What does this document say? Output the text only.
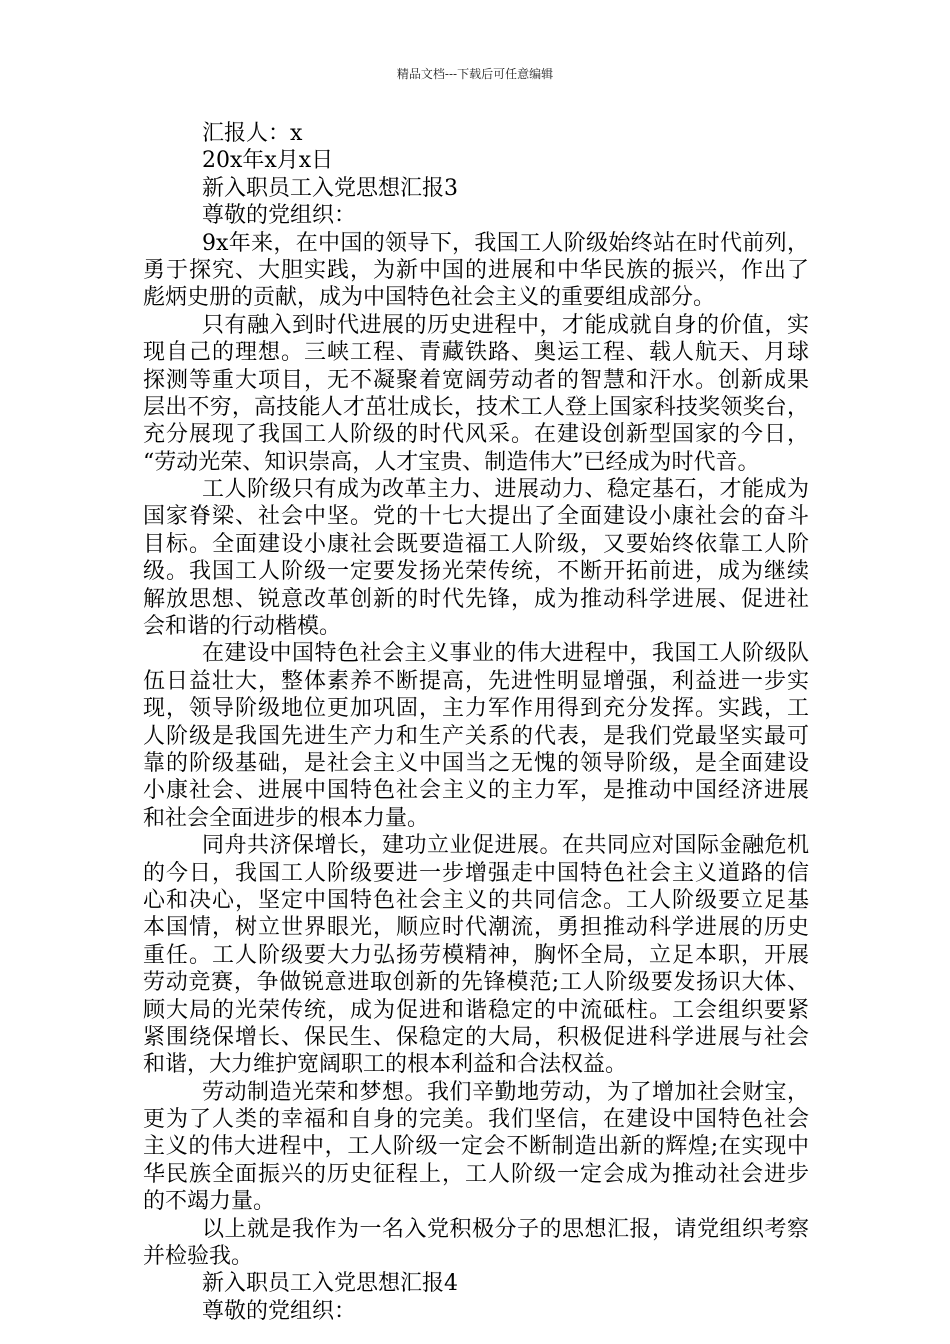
精品文档---下载后可任意编辑
汇报人：x
20x年x月x日
新入职员工入党思想汇报3
尊敬的党组织：
9x年来，在中国的领导下，我国工人阶级始终站在时代前列，
勇于探究、大胆实践，为新中国的进展和中华民族的振兴，作出了
彪炳史册的贡献，成为中国特色社会主义的重要组成部分。
只有融入到时代进展的历史进程中，才能成就自身的价值，实
现自己的理想。三峡工程、青藏铁路、奥运工程、载人航天、月球
探测等重大项目，无不凝聚着宽阔劳动者的智慧和汗水。创新成果
层出不穷，高技能人才茁壮成长，技术工人登上国家科技奖领奖台，
充分展现了我国工人阶级的时代风采。在建设创新型国家的今日，
“劳动光荣、知识崇高，人才宝贵、制造伟大”已经成为时代音。
工人阶级只有成为改革主力、进展动力、稳定基石，才能成为
国家脊梁、社会中坚。党的十七大提出了全面建设小康社会的奋斗
目标。全面建设小康社会既要造福工人阶级，又要始终依靠工人阶
级。我国工人阶级一定要发扬光荣传统，不断开拓前进，成为继续
解放思想、锐意改革创新的时代先锋，成为推动科学进展、促进社
会和谐的行动楷模。
在建设中国特色社会主义事业的伟大进程中，我国工人阶级队
伍日益壮大，整体素养不断提高，先进性明显增强，利益进一步实
现，领导阶级地位更加巩固，主力军作用得到充分发挥。实践，工
人阶级是我国先进生产力和生产关系的代表，是我们党最坚实最可
靠的阶级基础，是社会主义中国当之无愧的领导阶级，是全面建设
小康社会、进展中国特色社会主义的主力军，是推动中国经济进展
和社会全面进步的根本力量。
同舟共济保增长，建功立业促进展。在共同应对国际金融危机
的今日，我国工人阶级要进一步增强走中国特色社会主义道路的信
心和决心，坚定中国特色社会主义的共同信念。工人阶级要立足基
本国情，树立世界眼光，顺应时代潮流，勇担推动科学进展的历史
重任。工人阶级要大力弘扬劳模精神，胸怀全局，立足本职，开展
劳动竞赛，争做锐意进取创新的先锋模范;工人阶级要发扬识大体、
顾大局的光荣传统，成为促进和谐稳定的中流砥柱。工会组织要紧
紧围绕保增长、保民生、保稳定的大局，积极促进科学进展与社会
和谐，大力维护宽阔职工的根本利益和合法权益。
劳动制造光荣和梦想。我们辛勤地劳动，为了增加社会财宝，
更为了人类的幸福和自身的完美。我们坚信，在建设中国特色社会
主义的伟大进程中，工人阶级一定会不断制造出新的辉煌;在实现中
华民族全面振兴的历史征程上，工人阶级一定会成为推动社会进步
的不竭力量。
以上就是我作为一名入党积极分子的思想汇报，请党组织考察
并检验我。
新入职员工入党思想汇报4
尊敬的党组织：
